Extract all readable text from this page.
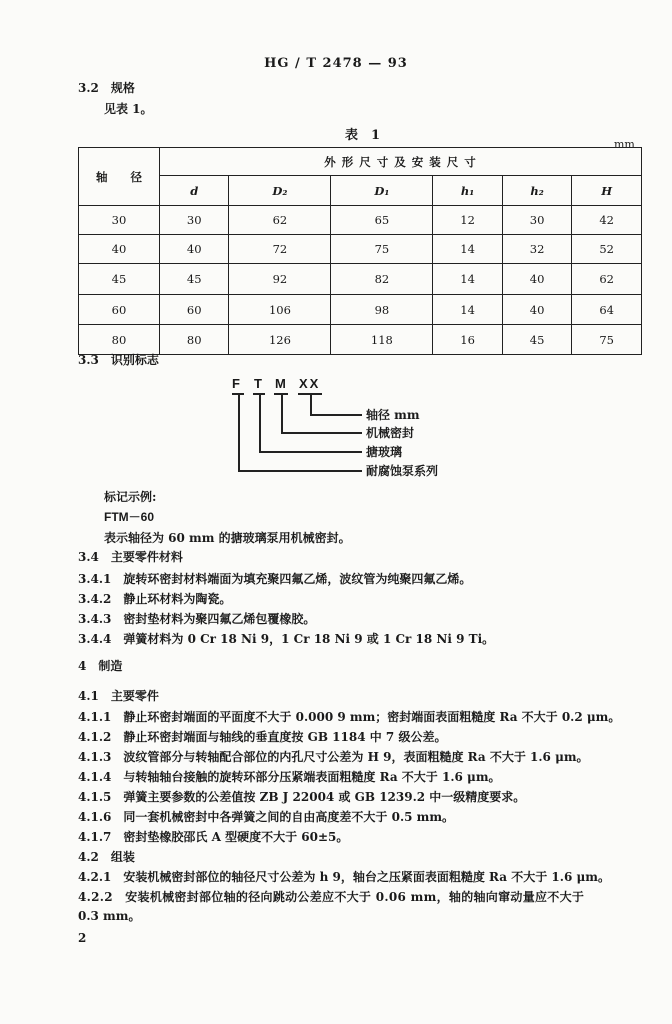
HG / T 2478 — 93
3.2　 规格
见表 1。
表　1
mm
轴　　径	外 形 尺 寸 及 安 装 尺 寸					
	d	D₂	D₁	h₁	h₂	H
30	30	62	65	12	30	42
40	40	72	75	14	32	52
45	45	92	82	14	40	62
60	60	106	98	14	40	64
80	80	126	118	16	45	75
3.3　 识别标志
F T M XX
轴径 mm
机械密封
搪玻璃
耐腐蚀泵系列
标记示例:
FTM－60
表示轴径为 60 mm 的搪玻璃泵用机械密封。
3.4　 主要零件材料
3.4.1　 旋转环密封材料端面为填充聚四氟乙烯，波纹管为纯聚四氟乙烯。
3.4.2　 静止环材料为陶瓷。
3.4.3　 密封垫材料为聚四氟乙烯包覆橡胶。
3.4.4　 弹簧材料为 0 Cr 18 Ni 9，1 Cr 18 Ni 9 或 1 Cr 18 Ni 9 Ti。
4　 制造
4.1　 主要零件
4.1.1　 静止环密封端面的平面度不大于 0.000 9 mm；密封端面表面粗糙度 Ra 不大于 0.2 μm。
4.1.2　 静止环密封端面与轴线的垂直度按 GB 1184 中 7 级公差。
4.1.3　 波纹管部分与转轴配合部位的内孔尺寸公差为 H 9，表面粗糙度 Ra 不大于 1.6 μm。
4.1.4　 与转轴轴台接触的旋转环部分压紧端表面粗糙度 Ra 不大于 1.6 μm。
4.1.5　 弹簧主要参数的公差值按 ZB J 22004 或 GB 1239.2 中一级精度要求。
4.1.6　 同一套机械密封中各弹簧之间的自由高度差不大于 0.5 mm。
4.1.7　 密封垫橡胶邵氏 A 型硬度不大于 60±5。
4.2　 组装
4.2.1　 安装机械密封部位的轴径尺寸公差为 h 9，轴台之压紧面表面粗糙度 Ra 不大于 1.6 μm。
4.2.2　 安装机械密封部位轴的径向跳动公差应不大于 0.06 mm，轴的轴向窜动量应不大于
0.3 mm。
2
